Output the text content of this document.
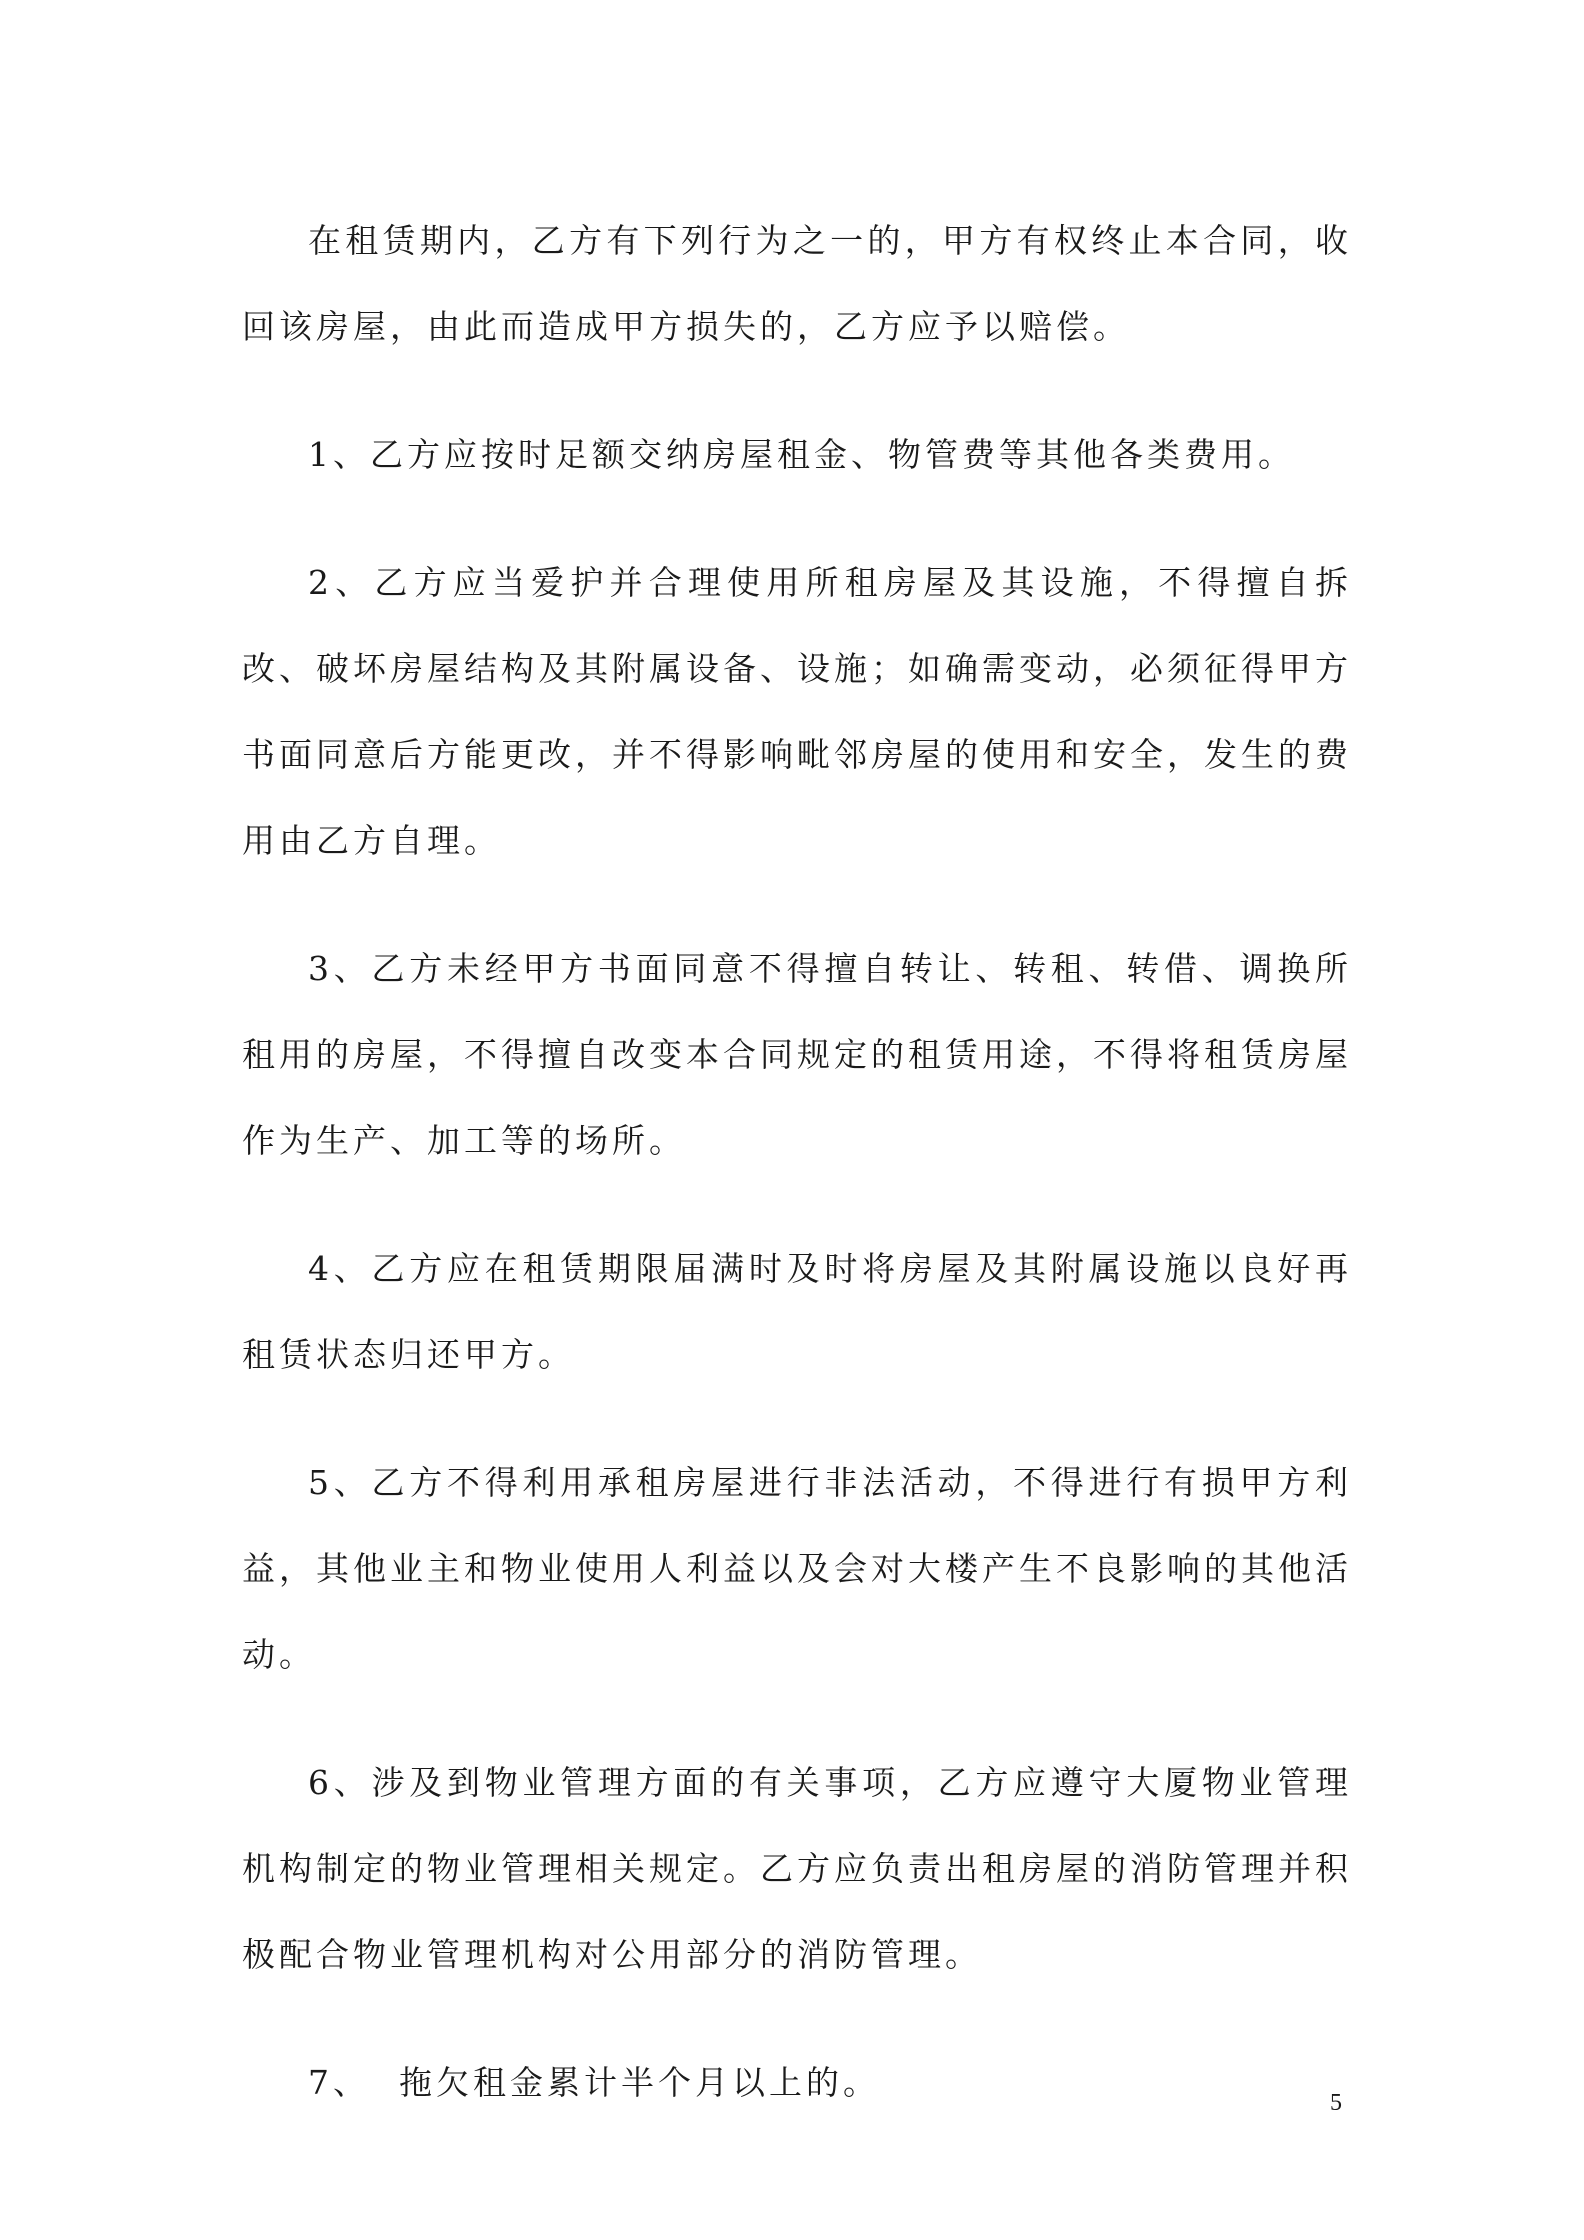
在租赁期内，乙方有下列行为之一的，甲方有权终止本合同，收回该房屋，由此而造成甲方损失的，乙方应予以赔偿。

1、乙方应按时足额交纳房屋租金、物管费等其他各类费用。

2、乙方应当爱护并合理使用所租房屋及其设施，不得擅自拆改、破坏房屋结构及其附属设备、设施；如确需变动，必须征得甲方书面同意后方能更改，并不得影响毗邻房屋的使用和安全，发生的费用由乙方自理。

3、乙方未经甲方书面同意不得擅自转让、转租、转借、调换所租用的房屋，不得擅自改变本合同规定的租赁用途，不得将租赁房屋作为生产、加工等的场所。

4、乙方应在租赁期限届满时及时将房屋及其附属设施以良好再租赁状态归还甲方。

5、乙方不得利用承租房屋进行非法活动，不得进行有损甲方利益，其他业主和物业使用人利益以及会对大楼产生不良影响的其他活动。

6、涉及到物业管理方面的有关事项，乙方应遵守大厦物业管理机构制定的物业管理相关规定。乙方应负责出租房屋的消防管理并积极配合物业管理机构对公用部分的消防管理。

7、  拖欠租金累计半个月以上的。

5
